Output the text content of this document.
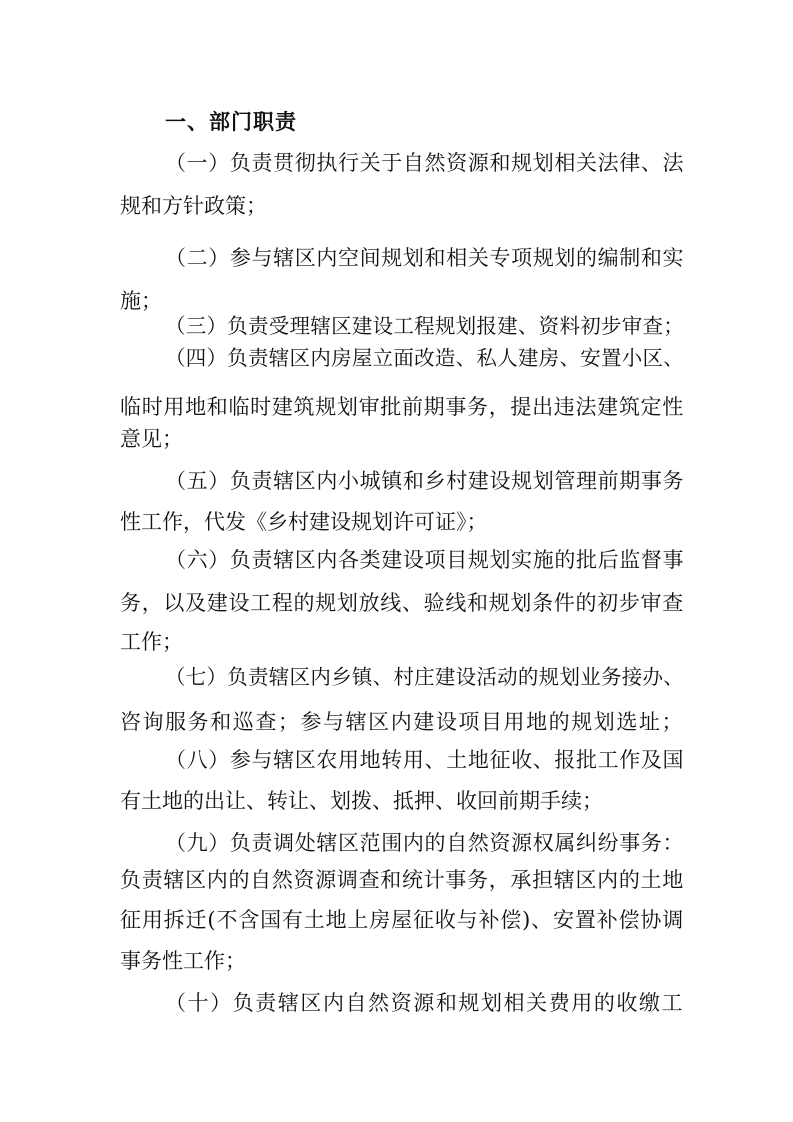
一、部门职责
（一）负责贯彻执行关于自然资源和规划相关法律、法
规和方针政策；
（二）参与辖区内空间规划和相关专项规划的编制和实
施；
（三）负责受理辖区建设工程规划报建、资料初步审查；
（四）负责辖区内房屋立面改造、私人建房、安置小区、
临时用地和临时建筑规划审批前期事务，提出违法建筑定性
意见；
（五）负责辖区内小城镇和乡村建设规划管理前期事务
性工作，代发《乡村建设规划许可证》；
（六）负责辖区内各类建设项目规划实施的批后监督事
务，以及建设工程的规划放线、验线和规划条件的初步审查
工作；
（七）负责辖区内乡镇、村庄建设活动的规划业务接办、
咨询服务和巡查；参与辖区内建设项目用地的规划选址；
（八）参与辖区农用地转用、土地征收、报批工作及国
有土地的出让、转让、划拨、抵押、收回前期手续；
（九）负责调处辖区范围内的自然资源权属纠纷事务：
负责辖区内的自然资源调查和统计事务，承担辖区内的土地
征用拆迁(不含国有土地上房屋征收与补偿)、安置补偿协调
事务性工作；
（十）负责辖区内自然资源和规划相关费用的收缴工
